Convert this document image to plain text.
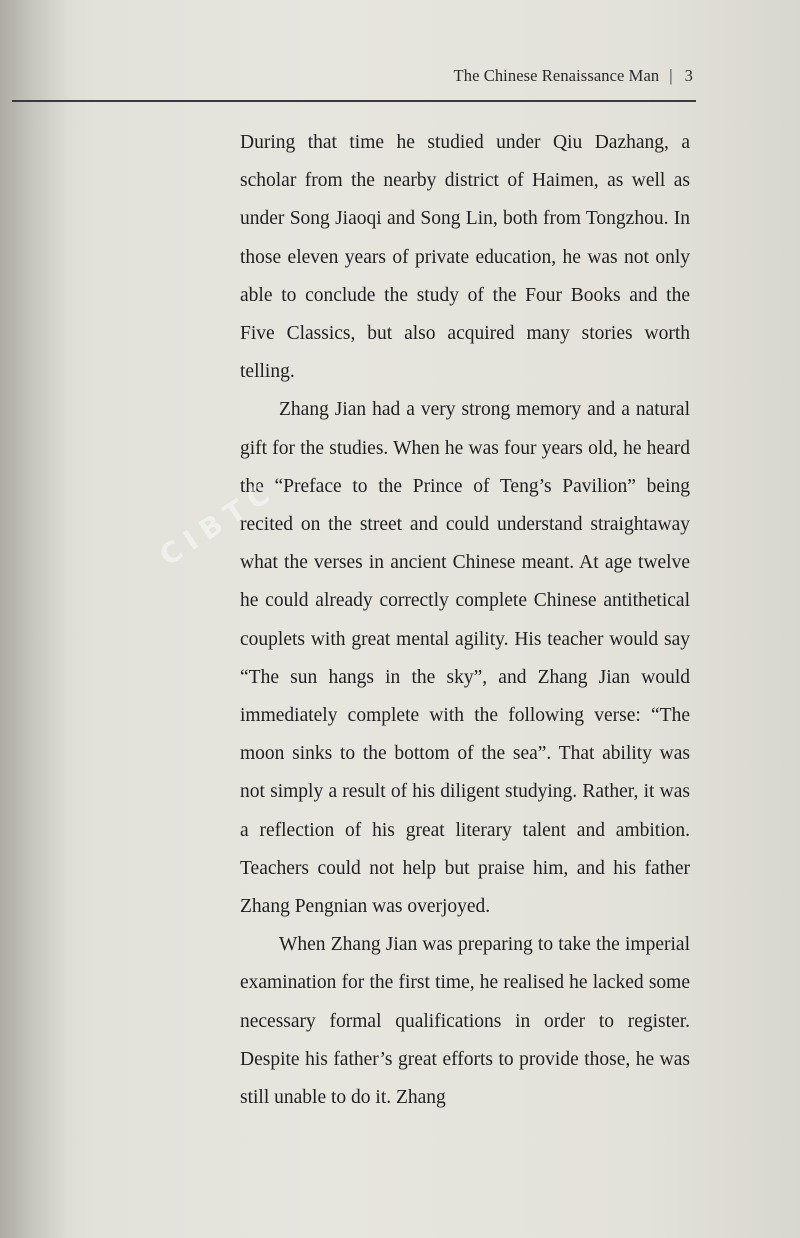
The Chinese Renaissance Man | 3

During that time he studied under Qiu Dazhang, a scholar from the nearby district of Haimen, as well as under Song Jiaoqi and Song Lin, both from Tongzhou. In those eleven years of private education, he was not only able to conclude the study of the Four Books and the Five Classics, but also acquired many stories worth telling.

Zhang Jian had a very strong memory and a natural gift for the studies. When he was four years old, he heard the “Preface to the Prince of Teng’s Pavilion” being recited on the street and could understand straightaway what the verses in ancient Chinese meant. At age twelve he could already correctly complete Chinese antithetical couplets with great mental agility. His teacher would say “The sun hangs in the sky”, and Zhang Jian would immediately complete with the following verse: “The moon sinks to the bottom of the sea”. That ability was not simply a result of his diligent studying. Rather, it was a reflection of his great literary talent and ambition. Teachers could not help but praise him, and his father Zhang Pengnian was overjoyed.

When Zhang Jian was preparing to take the imperial examination for the first time, he realised he lacked some necessary formal qualifications in order to register. Despite his father’s great efforts to provide those, he was still unable to do it. Zhang

CIBTC
